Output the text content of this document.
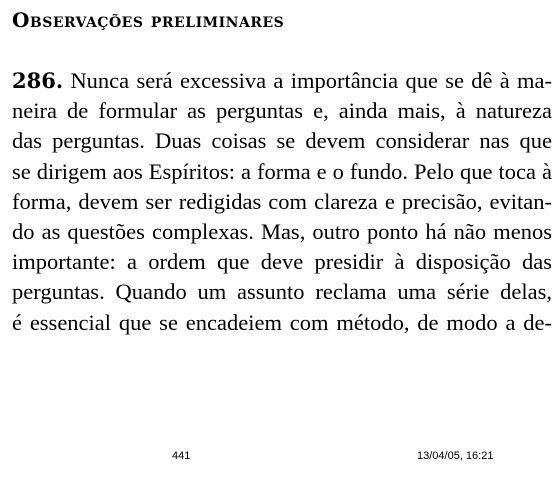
Observações preliminares
286. Nunca será excessiva a importância que se dê à ma-
neira de formular as perguntas e, ainda mais, à natureza
das perguntas. Duas coisas se devem considerar nas que
se dirigem aos Espíritos: a forma e o fundo. Pelo que toca à
forma, devem ser redigidas com clareza e precisão, evitan-
do as questões complexas. Mas, outro ponto há não menos
importante: a ordem que deve presidir à disposição das
perguntas. Quando um assunto reclama uma série delas,
é essencial que se encadeiem com método, de modo a de-
441	13/04/05, 16:21
